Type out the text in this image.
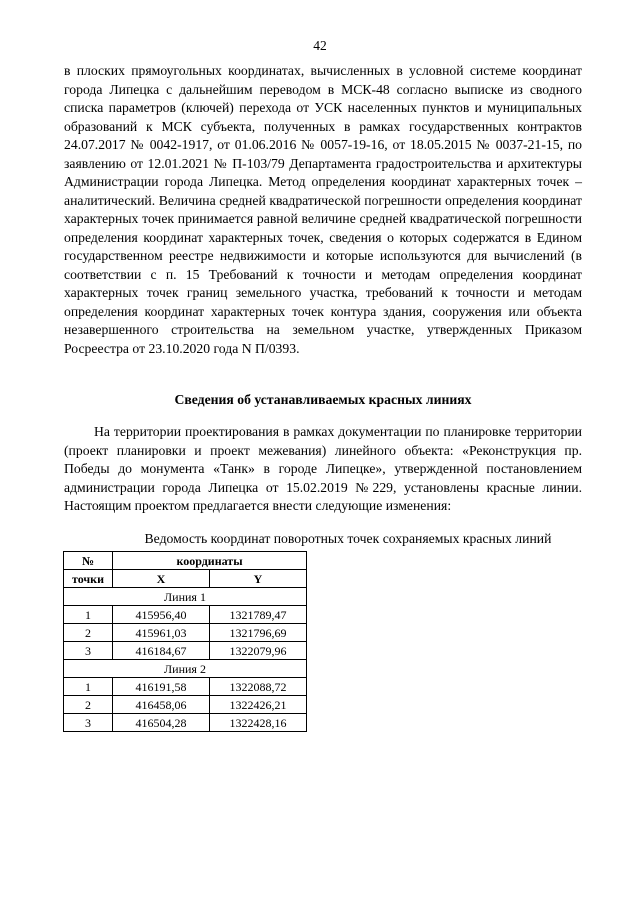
42

в плоских прямоугольных координатах, вычисленных в условной системе координат города Липецка с дальнейшим переводом в МСК-48 согласно выписке из сводного списка параметров (ключей) перехода от УСК населенных пунктов и муниципальных образований к МСК субъекта, полученных в рамках государственных контрактов 24.07.2017 № 0042-1917, от 01.06.2016 № 0057-19-16, от 18.05.2015 № 0037-21-15, по заявлению от 12.01.2021 № П-103/79 Департамента градостроительства и архитектуры Администрации города Липецка. Метод определения координат характерных точек – аналитический. Величина средней квадратической погрешности определения координат характерных точек принимается равной величине средней квадратической погрешности определения координат характерных точек, сведения о которых содержатся в Едином государственном реестре недвижимости и которые используются для вычислений (в соответствии с п. 15 Требований к точности и методам определения координат характерных точек границ земельного участка, требований к точности и методам определения координат характерных точек контура здания, сооружения или объекта незавершенного строительства на земельном участке, утвержденных Приказом Росреестра от 23.10.2020 года N П/0393.

Сведения об устанавливаемых красных линиях

На территории проектирования в рамках документации по планировке территории (проект планировки и проект межевания) линейного объекта: «Реконструкция пр. Победы до монумента «Танк» в городе Липецке», утвержденной постановлением администрации города Липецка от 15.02.2019 №229, установлены красные линии. Настоящим проектом предлагается внести следующие изменения:

Ведомость координат поворотных точек сохраняемых красных линий
№	координаты	
точки	X	Y
Линия 1		
1	415956,40	1321789,47
2	415961,03	1321796,69
3	416184,67	1322079,96
Линия 2		
1	416191,58	1322088,72
2	416458,06	1322426,21
3	416504,28	1322428,16
